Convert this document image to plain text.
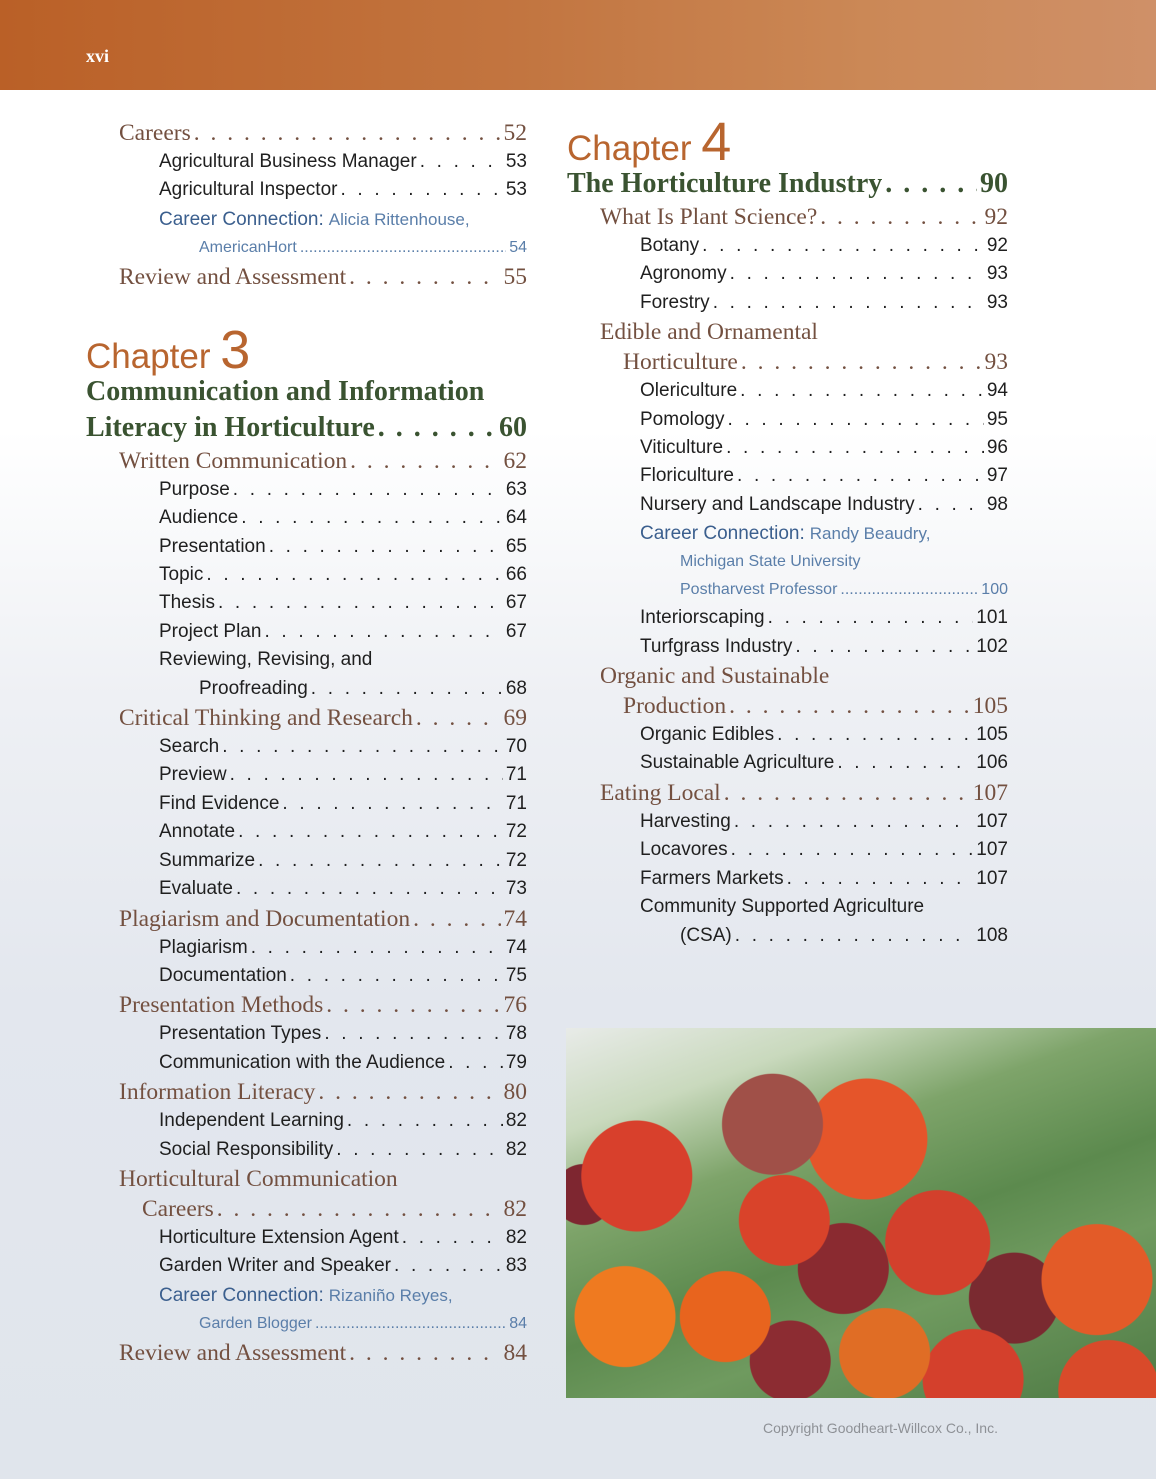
xvi
Careers . . .	52
Agricultural Business Manager . . .	53
Agricultural Inspector . . .	53
Career Connection: Alicia Rittenhouse,
AmericanHort .....	54
Review and Assessment . . .	55
Chapter 3
Communication and Information
Literacy in Horticulture . . .	60
Written Communication . . .	62
Purpose . . .	63
Audience . . .	64
Presentation . . .	65
Topic . . .	66
Thesis . . .	67
Project Plan . . .	67
Reviewing, Revising, and
Proofreading . . .	68
Critical Thinking and Research . . .	69
Search . . .	70
Preview . . .	71
Find Evidence . . .	71
Annotate . . .	72
Summarize . . .	72
Evaluate . . .	73
Plagiarism and Documentation . . .	74
Plagiarism . . .	74
Documentation . . .	75
Presentation Methods . . .	76
Presentation Types . . .	78
Communication with the Audience . . .	79
Information Literacy . . .	80
Independent Learning . . .	82
Social Responsibility . . .	82
Horticultural Communication
Careers . . .	82
Horticulture Extension Agent . . .	82
Garden Writer and Speaker . . .	83
Career Connection: Rizaniño Reyes,
Garden Blogger .....	84
Review and Assessment . . .	84
Chapter 4
The Horticulture Industry . . .	90
What Is Plant Science? . . .	92
Botany . . .	92
Agronomy . . .	93
Forestry . . .	93
Edible and Ornamental
Horticulture . . .	93
Olericulture . . .	94
Pomology . . .	95
Viticulture . . .	96
Floriculture . . .	97
Nursery and Landscape Industry . . .	98
Career Connection: Randy Beaudry,
Michigan State University
Postharvest Professor .....	100
Interiorscaping . . .	101
Turfgrass Industry . . .	102
Organic and Sustainable
Production . . .	105
Organic Edibles . . .	105
Sustainable Agriculture . . .	106
Eating Local . . .	107
Harvesting . . .	107
Locavores . . .	107
Farmers Markets . . .	107
Community Supported Agriculture
(CSA) . . .	108
Copyright Goodheart-Willcox Co., Inc.
